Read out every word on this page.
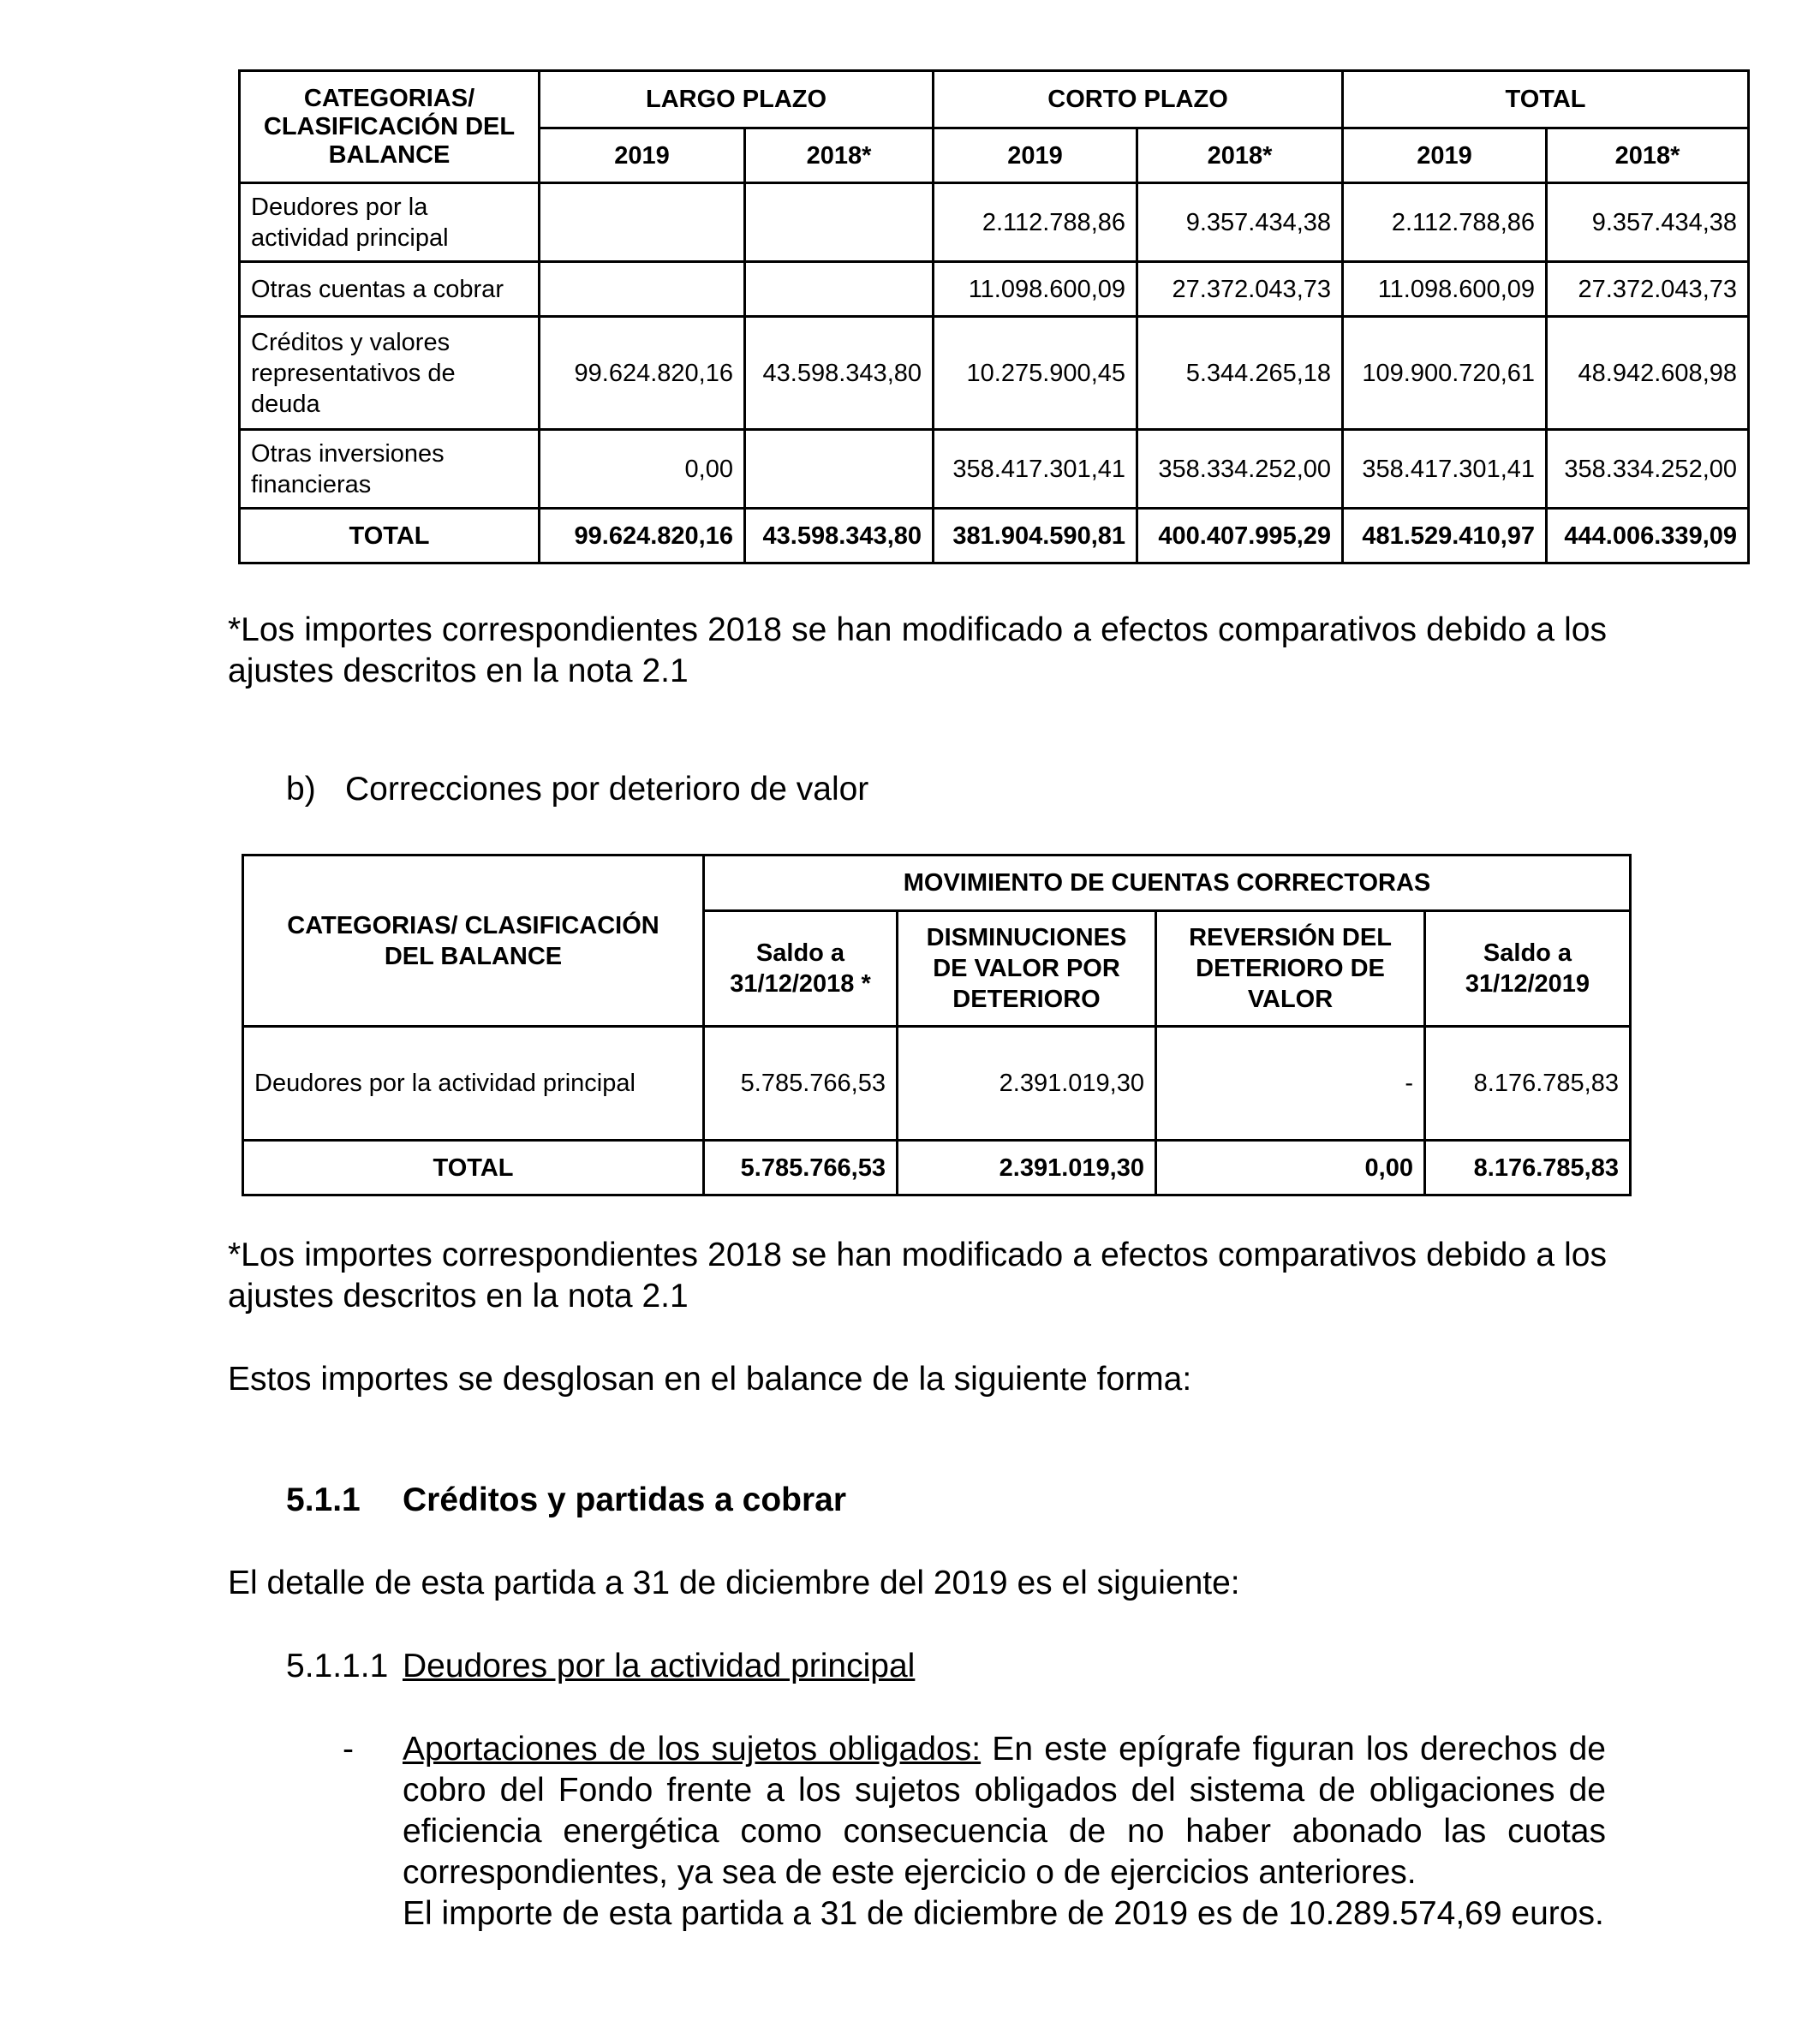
CATEGORIAS/ CLASIFICACIÓN DEL BALANCE	LARGO PLAZO		CORTO PLAZO		TOTAL	
	2019	2018*	2019	2018*	2019	2018*
Deudores por la actividad principal			2.112.788,86	9.357.434,38	2.112.788,86	9.357.434,38
Otras cuentas a cobrar			11.098.600,09	27.372.043,73	11.098.600,09	27.372.043,73
Créditos y valores representativos de deuda	99.624.820,16	43.598.343,80	10.275.900,45	5.344.265,18	109.900.720,61	48.942.608,98
Otras inversiones financieras	0,00		358.417.301,41	358.334.252,00	358.417.301,41	358.334.252,00
TOTAL	99.624.820,16	43.598.343,80	381.904.590,81	400.407.995,29	481.529.410,97	444.006.339,09
*Los importes correspondientes 2018 se han modificado a efectos comparativos debido a los ajustes descritos en la nota 2.1
b) Correcciones por deterioro de valor
CATEGORIAS/ CLASIFICACIÓN DEL BALANCE	MOVIMIENTO DE CUENTAS CORRECTORAS			
	Saldo a 31/12/2018 *	DISMINUCIONES DE VALOR POR DETERIORO	REVERSIÓN DEL DETERIORO DE VALOR	Saldo a 31/12/2019
Deudores por la actividad principal	5.785.766,53	2.391.019,30	-	8.176.785,83
TOTAL	5.785.766,53	2.391.019,30	0,00	8.176.785,83
*Los importes correspondientes 2018 se han modificado a efectos comparativos debido a los ajustes descritos en la nota 2.1
Estos importes se desglosan en el balance de la siguiente forma:
5.1.1 Créditos y partidas a cobrar
El detalle de esta partida a 31 de diciembre del 2019 es el siguiente:
5.1.1.1 Deudores por la actividad principal
- Aportaciones de los sujetos obligados: En este epígrafe figuran los derechos de cobro del Fondo frente a los sujetos obligados del sistema de obligaciones de eficiencia energética como consecuencia de no haber abonado las cuotas correspondientes, ya sea de este ejercicio o de ejercicios anteriores.
El importe de esta partida a 31 de diciembre de 2019 es de 10.289.574,69 euros.
